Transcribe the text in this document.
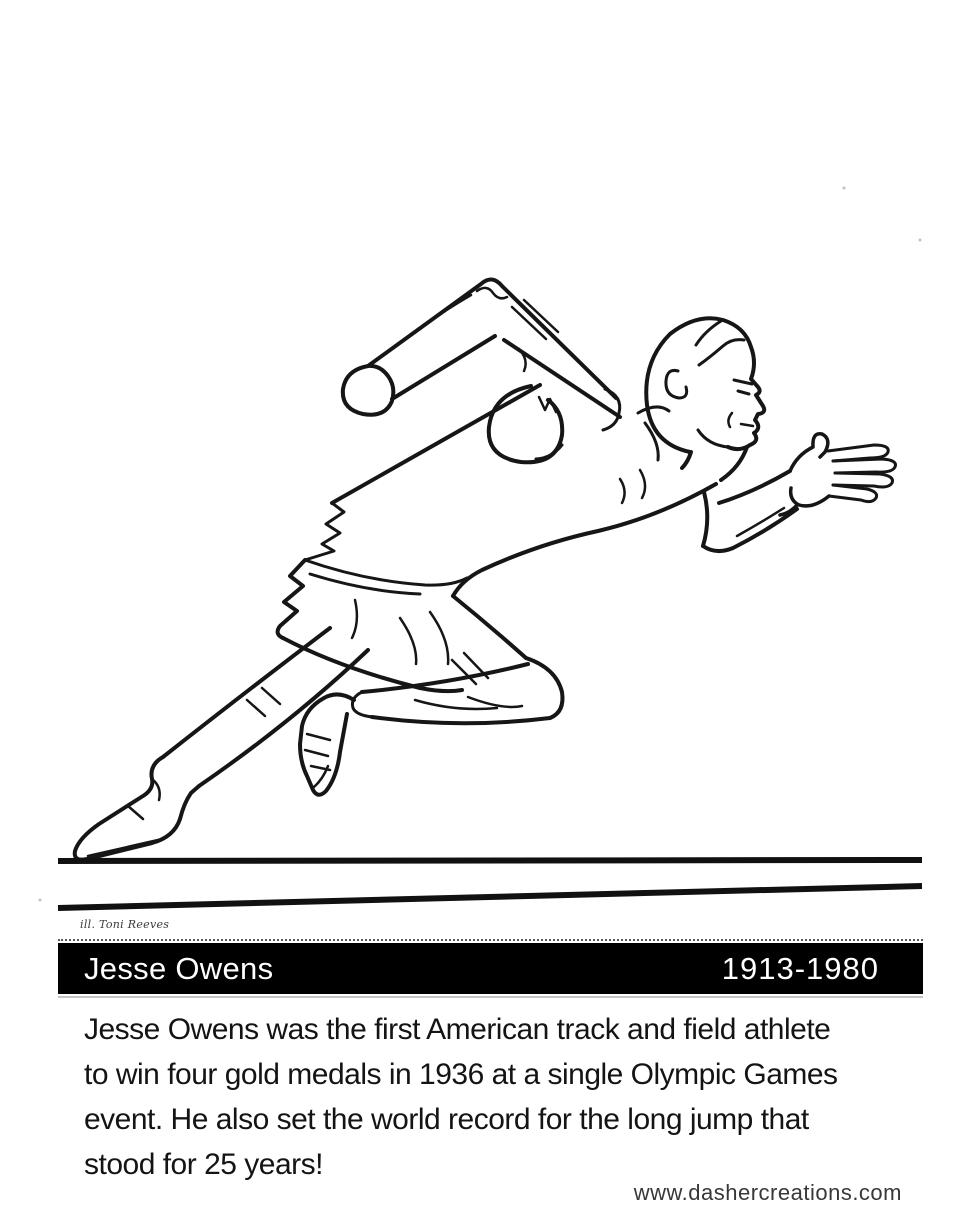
ill. Toni Reeves
Jesse Owens	1913-1980
Jesse Owens was the first American track and field athlete
to win four gold medals in 1936 at a single Olympic Games
event. He also set the world record for the long jump that
stood for 25 years!
www.dashercreations.com
